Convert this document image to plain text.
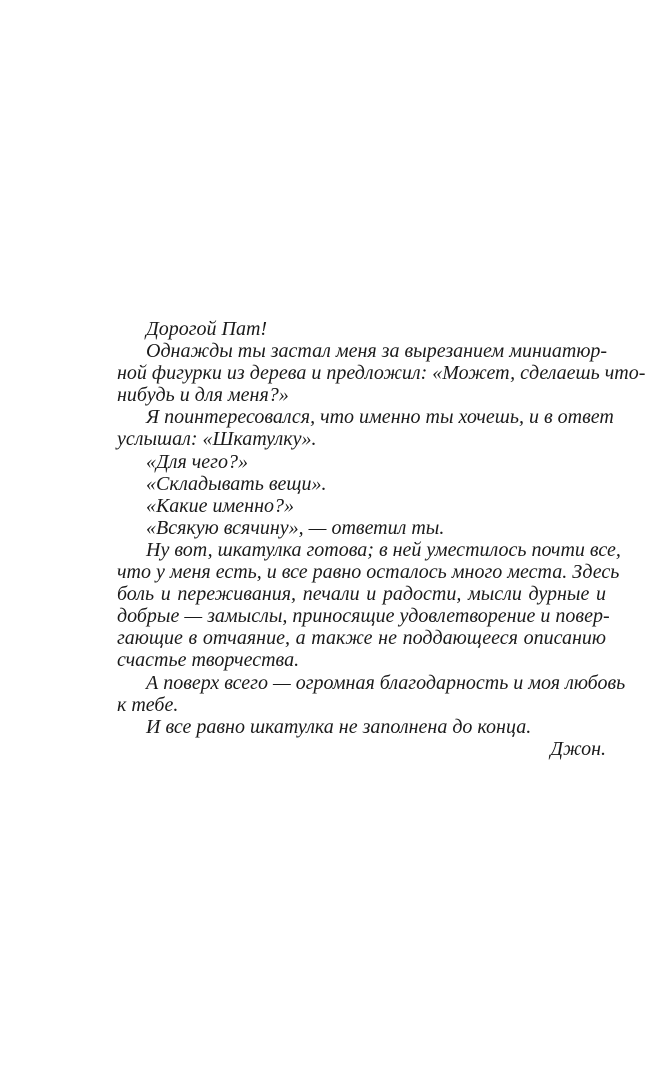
Дорогой Пат!
Однажды ты застал меня за вырезанием миниатюр-
ной фигурки из дерева и предложил: «Может, сделаешь что-
нибудь и для меня?»
Я поинтересовался, что именно ты хочешь, и в ответ
услышал: «Шкатулку».
«Для чего?»
«Складывать вещи».
«Какие именно?»
«Всякую всячину», — ответил ты.
Ну вот, шкатулка готова; в ней уместилось почти все,
что у меня есть, и все равно осталось много места. Здесь
боль и переживания, печали и радости, мысли дурные и
добрые — замыслы, приносящие удовлетворение и повер-
гающие в отчаяние, а также не поддающееся описанию
счастье творчества.
А поверх всего — огромная благодарность и моя любовь
к тебе.
И все равно шкатулка не заполнена до конца.
Джон.
